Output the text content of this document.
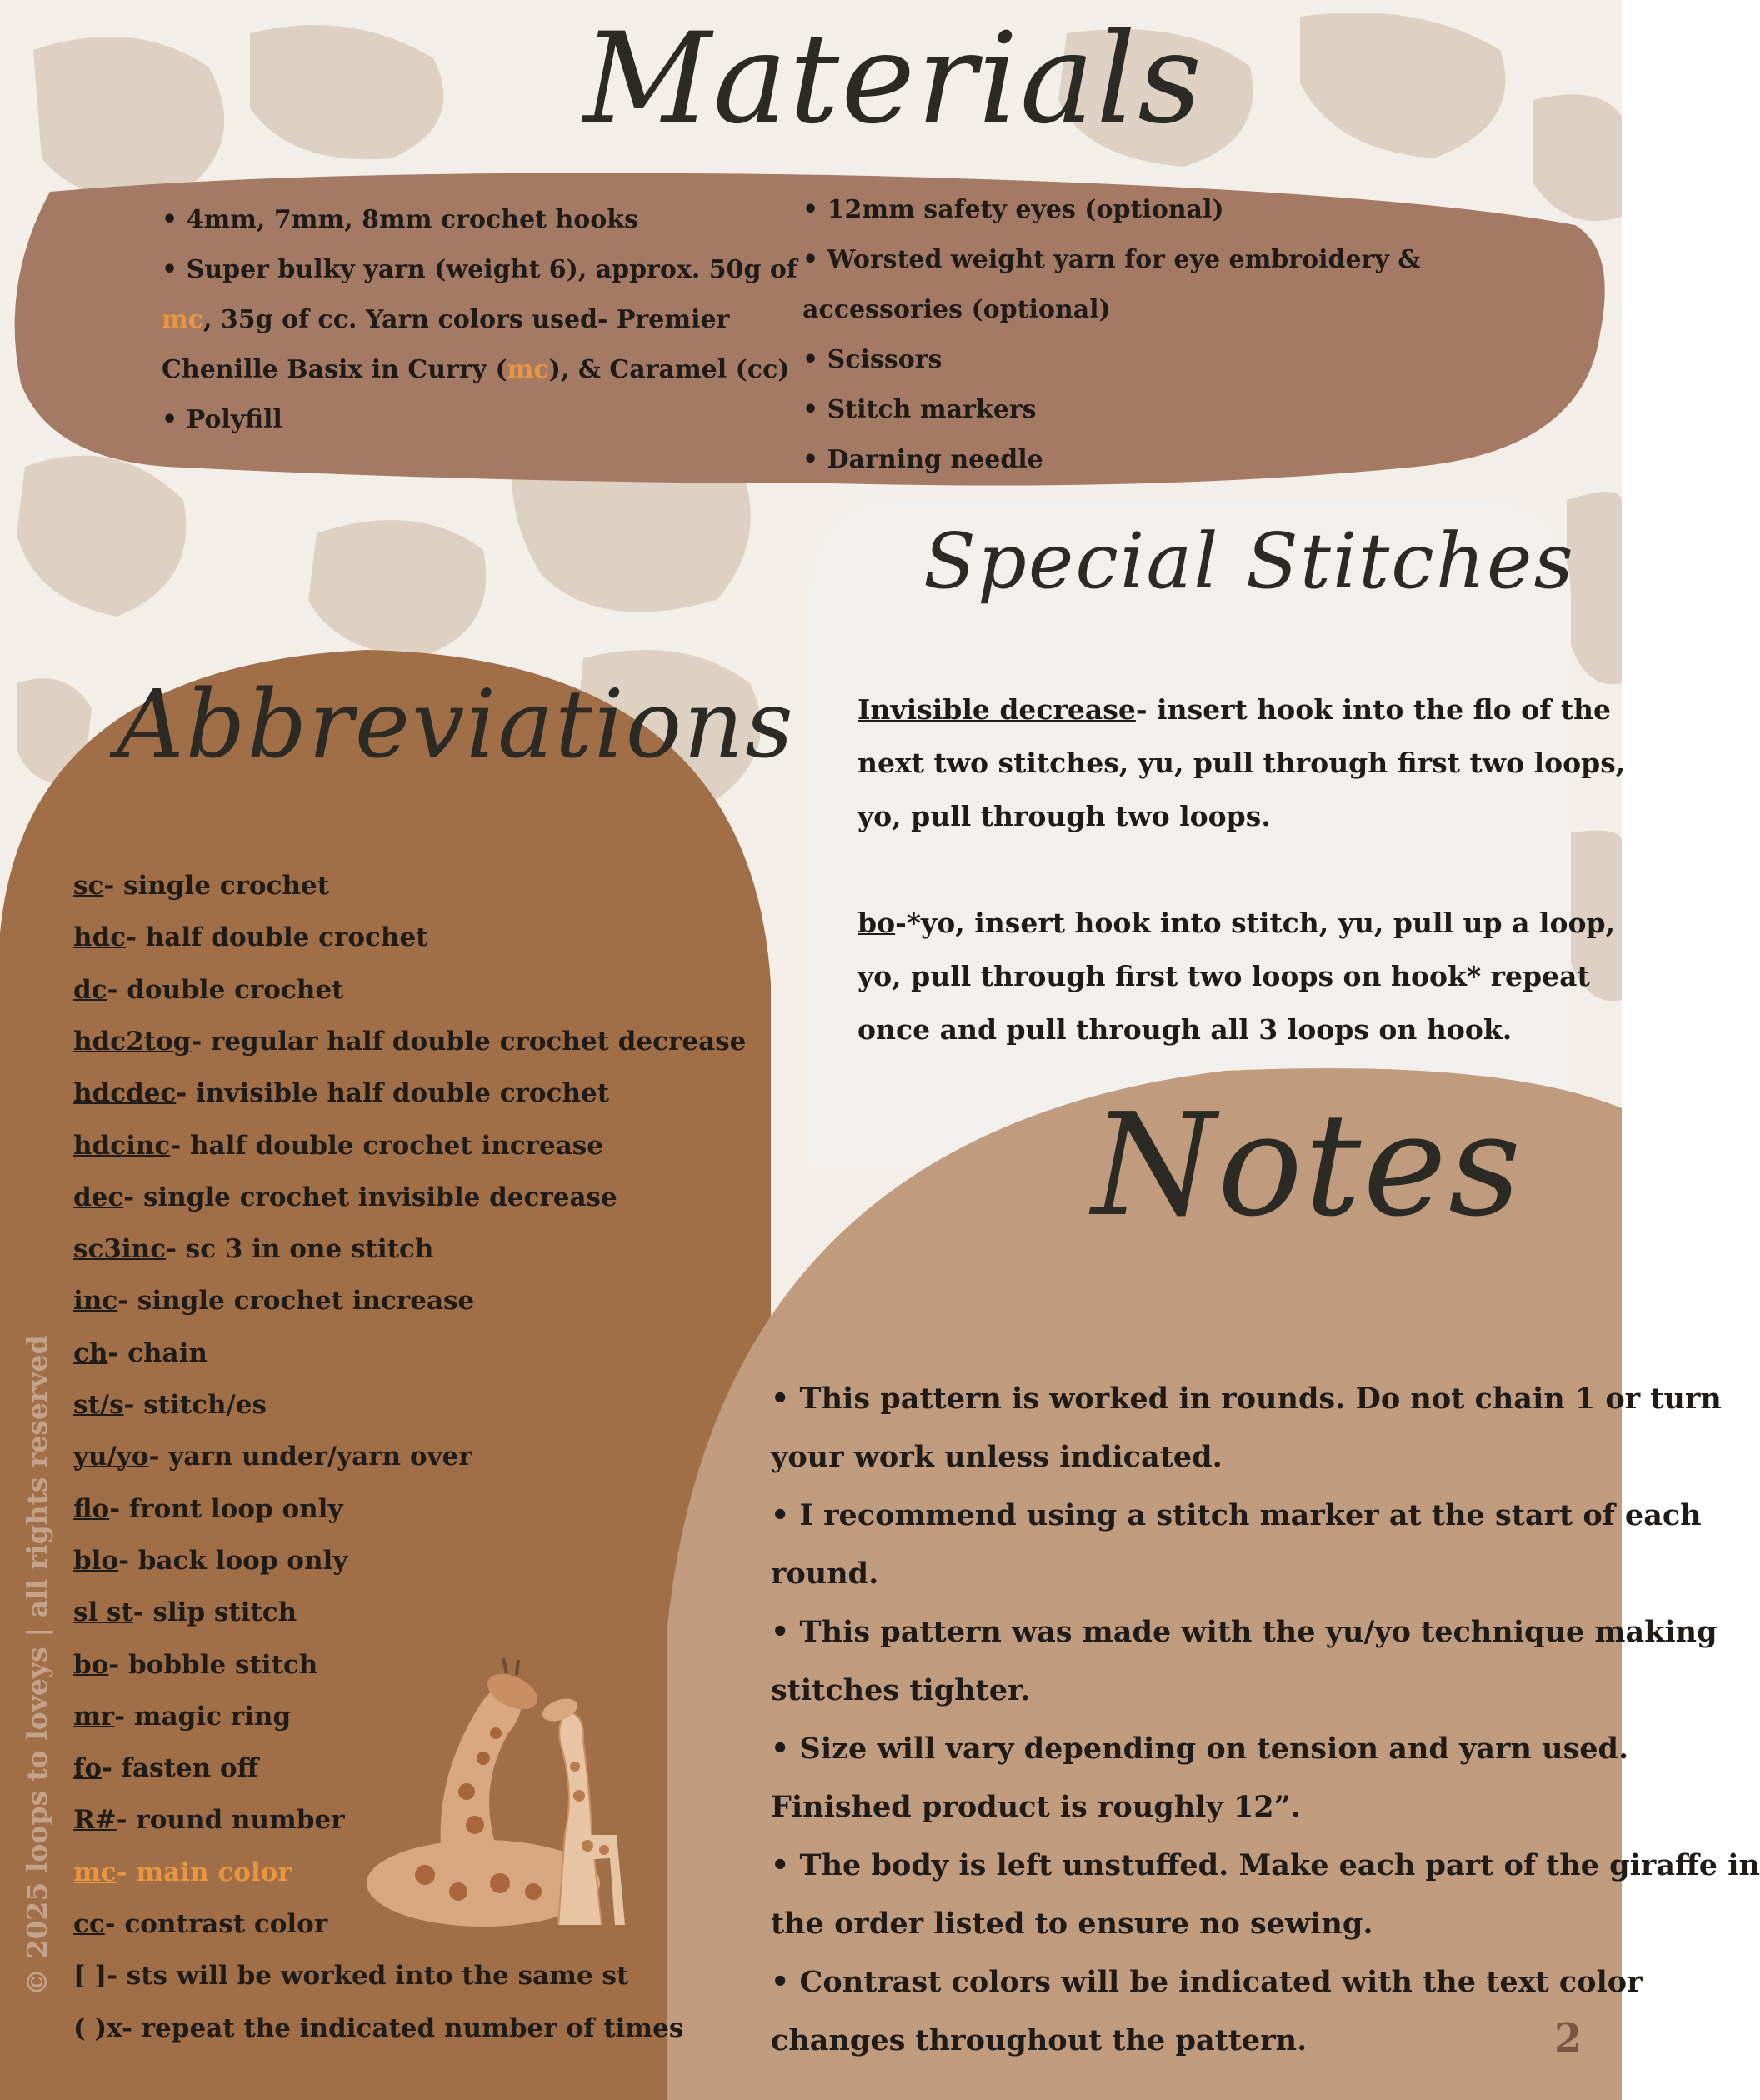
Materials
• 4mm, 7mm, 8mm crochet hooks
• Super bulky yarn (weight 6), approx. 50g of
mc, 35g of cc. Yarn colors used- Premier
Chenille Basix in Curry (mc), & Caramel (cc)
• Polyfill
• 12mm safety eyes (optional)
• Worsted weight yarn for eye embroidery &
accessories (optional)
• Scissors
• Stitch markers
• Darning needle
Special Stitches
Invisible decrease- insert hook into the flo of the
next two stitches, yu, pull through first two loops,
yo, pull through two loops.
bo-*yo, insert hook into stitch, yu, pull up a loop,
yo, pull through first two loops on hook* repeat
once and pull through all 3 loops on hook.
Abbreviations
sc- single crochet
hdc- half double crochet
dc- double crochet
hdc2tog- regular half double crochet decrease
hdcdec- invisible half double crochet
hdcinc- half double crochet increase
dec- single crochet invisible decrease
sc3inc- sc 3 in one stitch
inc- single crochet increase
ch- chain
st/s- stitch/es
yu/yo- yarn under/yarn over
flo- front loop only
blo- back loop only
sl st- slip stitch
bo- bobble stitch
mr- magic ring
fo- fasten off
R#- round number
mc- main color
cc- contrast color
[ ]- sts will be worked into the same st
( )x- repeat the indicated number of times
Notes
• This pattern is worked in rounds. Do not chain 1 or turn
your work unless indicated.
• I recommend using a stitch marker at the start of each
round.
• This pattern was made with the yu/yo technique making
stitches tighter.
• Size will vary depending on tension and yarn used.
Finished product is roughly 12”.
• The body is left unstuffed. Make each part of the giraffe in
the order listed to ensure no sewing.
• Contrast colors will be indicated with the text color
changes throughout the pattern.
© 2025 loops to loveys | all rights reserved
2
